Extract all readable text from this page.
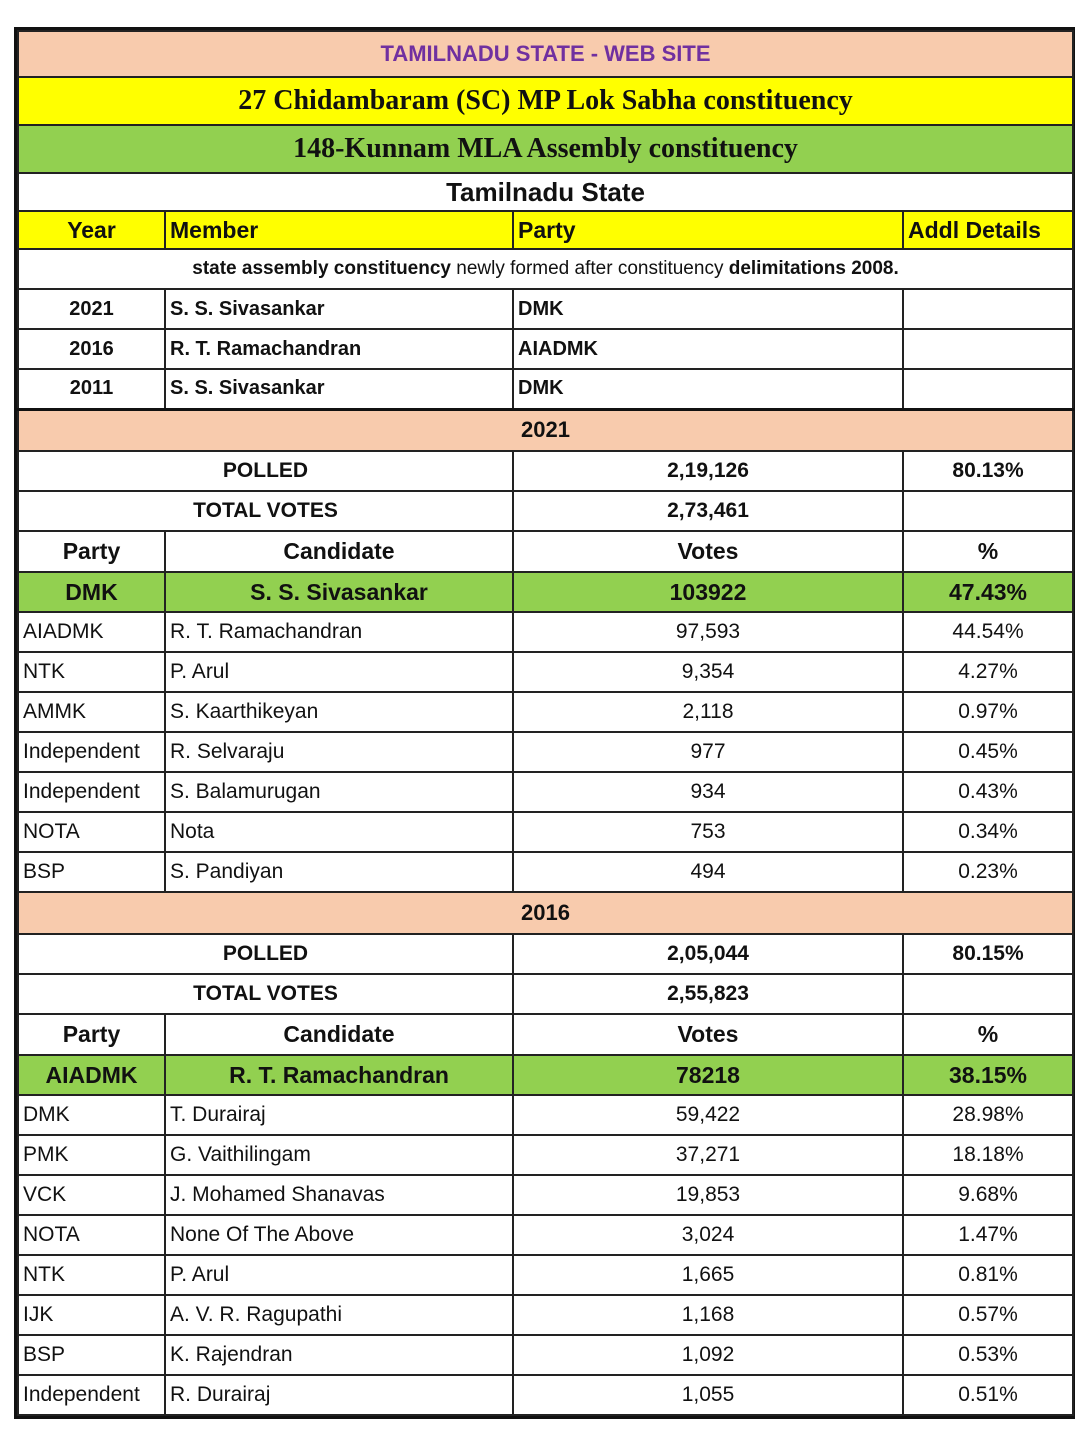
TAMILNADU STATE - WEB SITE			
27 Chidambaram (SC) MP Lok Sabha constituency			
148-Kunnam MLA Assembly constituency			
Tamilnadu State			
Year	Member	Party	Addl Details
state assembly constituency newly formed after constituency delimitations 2008.			
2021	S. S. Sivasankar	DMK	
2016	R. T. Ramachandran	AIADMK	
2011	S. S. Sivasankar	DMK	
2021			
POLLED		2,19,126	80.13%
TOTAL VOTES		2,73,461	
Party	Candidate	Votes	%
DMK	S. S. Sivasankar	103922	47.43%
AIADMK	R. T. Ramachandran	97,593	44.54%
NTK	P. Arul	9,354	4.27%
AMMK	S. Kaarthikeyan	2,118	0.97%
Independent	R. Selvaraju	977	0.45%
Independent	S. Balamurugan	934	0.43%
NOTA	Nota	753	0.34%
BSP	S. Pandiyan	494	0.23%
2016			
POLLED		2,05,044	80.15%
TOTAL VOTES		2,55,823	
Party	Candidate	Votes	%
AIADMK	R. T. Ramachandran	78218	38.15%
DMK	T. Durairaj	59,422	28.98%
PMK	G. Vaithilingam	37,271	18.18%
VCK	J. Mohamed Shanavas	19,853	9.68%
NOTA	None Of The Above	3,024	1.47%
NTK	P. Arul	1,665	0.81%
IJK	A. V. R. Ragupathi	1,168	0.57%
BSP	K. Rajendran	1,092	0.53%
Independent	R. Durairaj	1,055	0.51%
